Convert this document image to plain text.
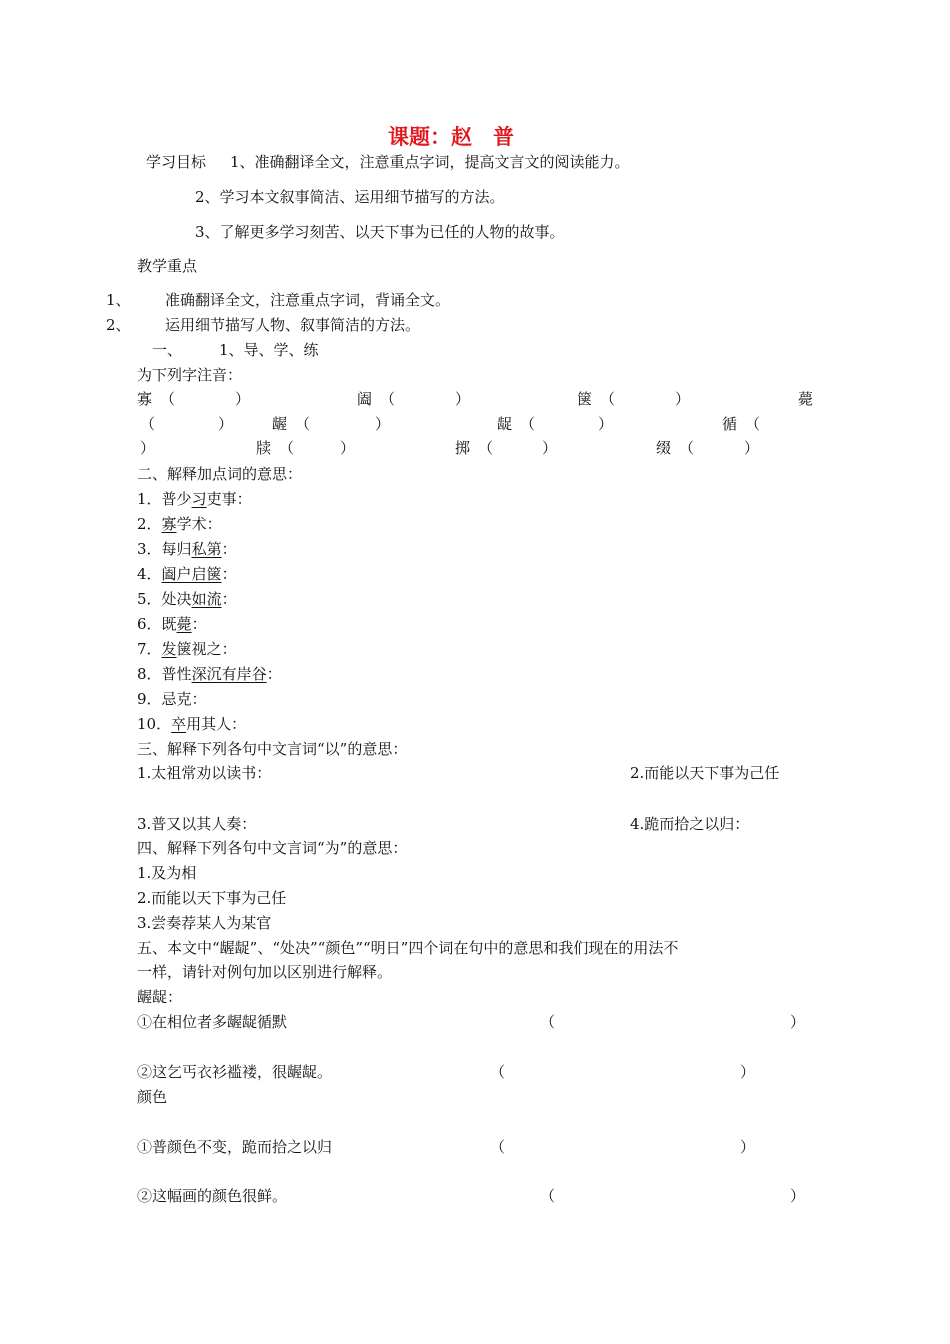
课题：赵　普
学习目标 1、准确翻译全文，注意重点字词，提高文言文的阅读能力。
2、学习本文叙事简洁、运用细节描写的方法。
3、了解更多学习刻苦、以天下事为已任的人物的故事。
教学重点
1、 准确翻译全文，注意重点字词，背诵全文。
2、 运用细节描写人物、叙事简洁的方法。
一、 1、导、学、练
为下列字注音：
寡 （	）	阖 （	）	箧 （	）	薨
（	）	龌 （	）	龊 （	）	循 （
）	牍 （	）	掷 （	）	缀 （	）
二、解释加点词的意思：
1．普少习吏事：
2．寡学术：
3．每归私第：
4．阖户启箧：
5．处决如流：
6．既薨：
7．发箧视之：
8．普性深沉有岸谷：
9．忌克：
10．卒用其人：
三、解释下列各句中文言词“以”的意思：
1.太祖常劝以读书：	2.而能以天下事为己任
3.普又以其人奏：	4.跪而拾之以归：
四、解释下列各句中文言词“为”的意思：
1.及为相
2.而能以天下事为己任
3.尝奏荐某人为某官
五、本文中“龌龊”、“处决”“颜色”“明日”四个词在句中的意思和我们现在的用法不
一样，请针对例句加以区别进行解释。
龌龊：
①在相位者多龌龊循默	（	）
②这乞丐衣衫褴褛，很龌龊。	（	）
颜色
①普颜色不变，跪而拾之以归	（	）
②这幅画的颜色很鲜。	（	）
